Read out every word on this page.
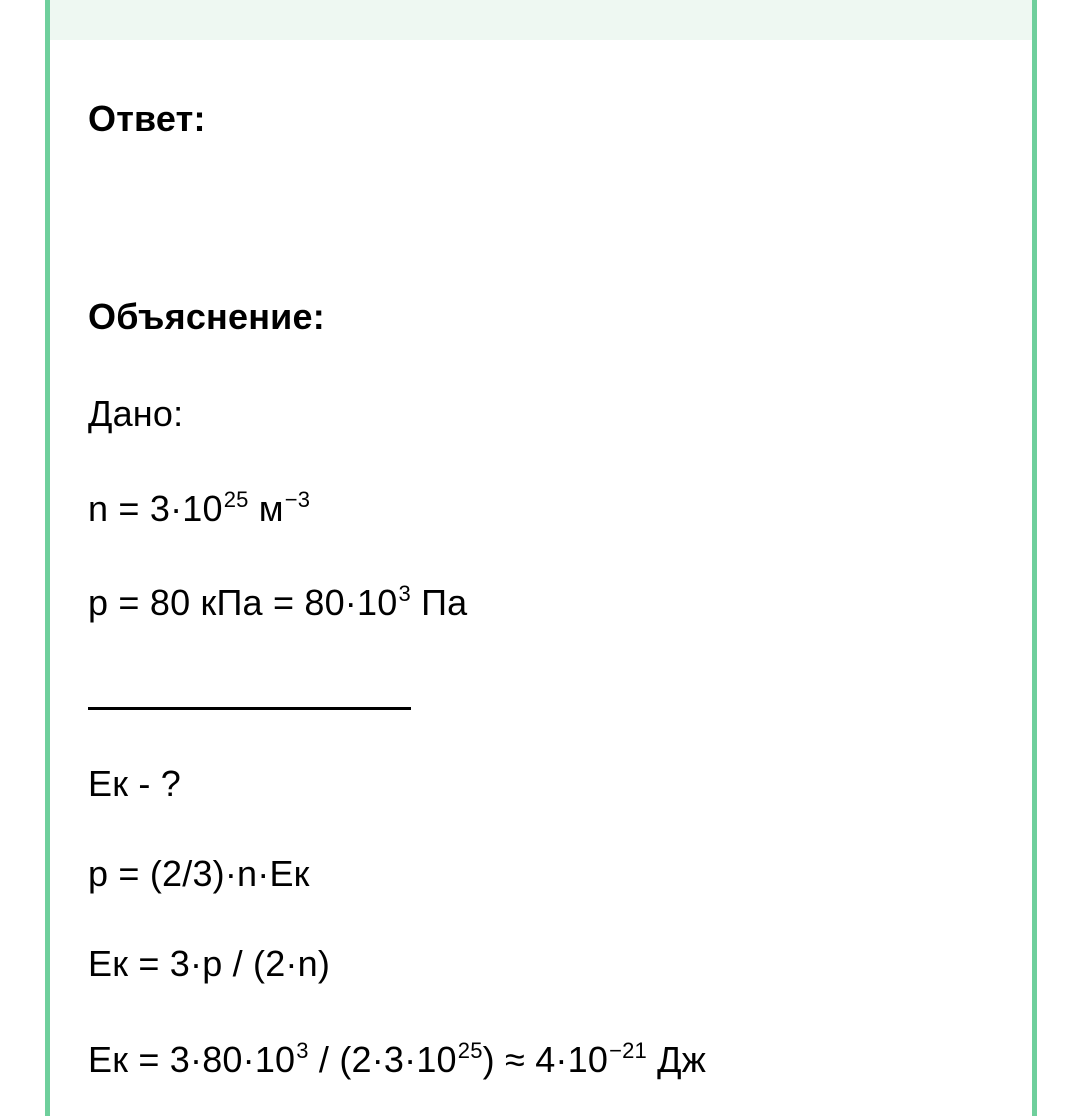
Ответ:
Объяснение:
Дано:
$n = 3\cdot 10^{25}$ $м^{-3}$
p = 80 кПа = $80\cdot 10^3$ Па
Ек - ?
p = (2/3)·n·Ек
Ек = 3·p / (2·n)
Ек = $3\cdot 80\cdot 10^3 / (2\cdot 3\cdot 10^{25}) \approx 4\cdot 10^{-21}$ Дж
